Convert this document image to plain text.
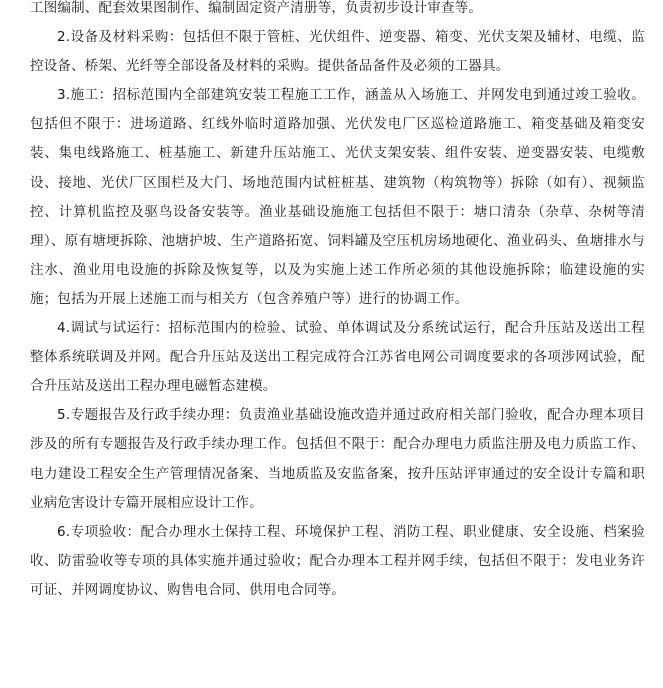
工图编制、配套效果图制作、编制固定资产清册等，负责初步设计审查等。

2.设备及材料采购：包括但不限于管桩、光伏组件、逆变器、箱变、光伏支架及辅材、电缆、监控设备、桥架、光纤等全部设备及材料的采购。提供备品备件及必须的工器具。

3.施工：招标范围内全部建筑安装工程施工工作，涵盖从入场施工、并网发电到通过竣工验收。包括但不限于：进场道路、红线外临时道路加强、光伏发电厂区巡检道路施工、箱变基础及箱变安装、集电线路施工、桩基施工、新建升压站施工、光伏支架安装、组件安装、逆变器安装、电缆敷设、接地、光伏厂区围栏及大门、场地范围内试桩桩基、建筑物（构筑物等）拆除（如有）、视频监控、计算机监控及驱鸟设备安装等。渔业基础设施施工包括但不限于：塘口清杂（杂草、杂树等清理）、原有塘埂拆除、池塘护坡、生产道路拓宽、饲料罐及空压机房场地硬化、渔业码头、鱼塘排水与注水、渔业用电设施的拆除及恢复等，以及为实施上述工作所必须的其他设施拆除；临建设施的实施；包括为开展上述施工而与相关方（包含养殖户等）进行的协调工作。

4.调试与试运行：招标范围内的检验、试验、单体调试及分系统试运行，配合升压站及送出工程整体系统联调及并网。配合升压站及送出工程完成符合江苏省电网公司调度要求的各项涉网试验，配合升压站及送出工程办理电磁暂态建模。

5.专题报告及行政手续办理：负责渔业基础设施改造并通过政府相关部门验收，配合办理本项目涉及的所有专题报告及行政手续办理工作。包括但不限于：配合办理电力质监注册及电力质监工作、电力建设工程安全生产管理情况备案、当地质监及安监备案，按升压站评审通过的安全设计专篇和职业病危害设计专篇开展相应设计工作。

6.专项验收：配合办理水土保持工程、环境保护工程、消防工程、职业健康、安全设施、档案验收、防雷验收等专项的具体实施并通过验收；配合办理本工程并网手续，包括但不限于：发电业务许可证、并网调度协议、购售电合同、供用电合同等。
